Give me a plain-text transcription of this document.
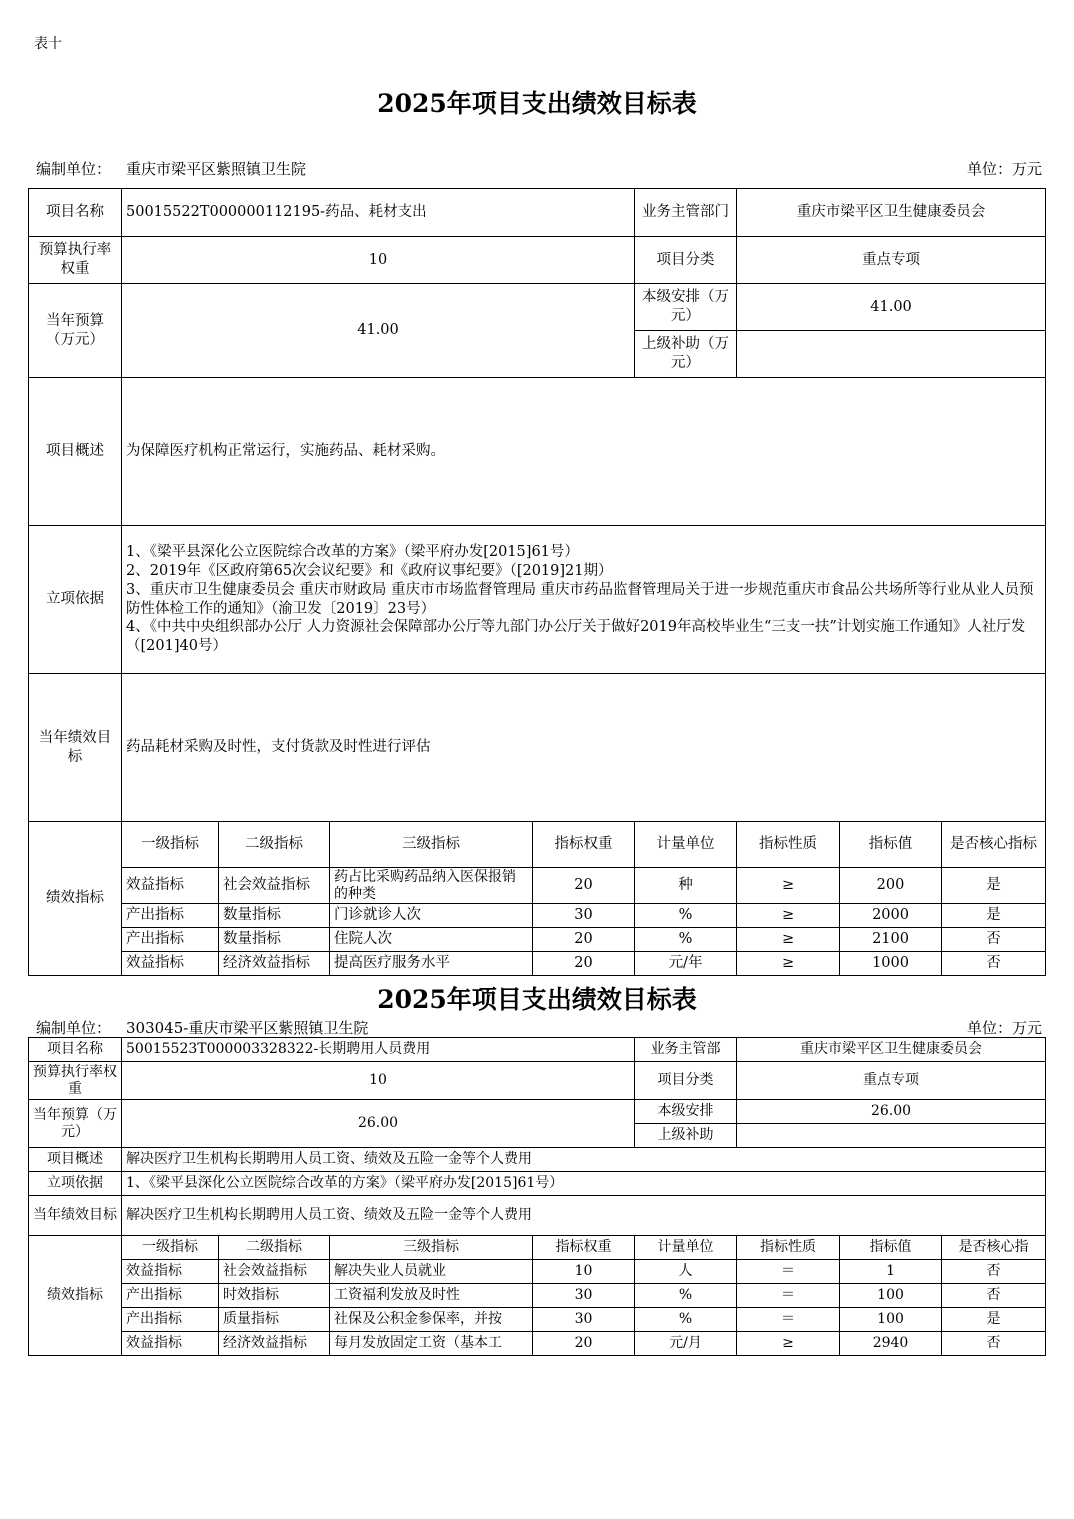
表十
2025年项目支出绩效目标表
编制单位： 重庆市梁平区紫照镇卫生院	单位：万元
项目名称	50015522T000000112195-药品、耗材支出				业务主管部门	重庆市梁平区卫生健康委员会		
预算执行率权重	10				项目分类	重点专项		
当年预算（万元）	41.00				本级安排（万元）	41.00		
					上级补助（万元）			
项目概述	为保障医疗机构正常运行，实施药品、耗材采购。							
立项依据	1、《梁平县深化公立医院综合改革的方案》（梁平府办发[2015]61号）
2、2019年《区政府第65次会议纪要》和《政府议事纪要》（[2019]21期）
3、重庆市卫生健康委员会 重庆市财政局 重庆市市场监督管理局 重庆市药品监督管理局关于进一步规范重庆市食品公共场所等行业从业人员预防性体检工作的通知》（渝卫发〔2019〕23号）
4、《中共中央组织部办公厅 人力资源社会保障部办公厅等九部门办公厅关于做好2019年高校毕业生“三支一扶”计划实施工作通知》人社厅发（[201]40号）							

当年绩效目标	药品耗材采购及时性，支付货款及时性进行评估							
绩效指标	一级指标	二级指标	三级指标	指标权重	计量单位	指标性质	指标值	是否核心指标
	效益指标	社会效益指标	药占比采购药品纳入医保报销的种类	20	种	≥	200	是
	产出指标	数量指标	门诊就诊人次	30	%	≥	2000	是
	产出指标	数量指标	住院人次	20	%	≥	2100	否
	效益指标	经济效益指标	提高医疗服务水平	20	元/年	≥	1000	否
2025年项目支出绩效目标表
编制单位： 303045-重庆市梁平区紫照镇卫生院	单位：万元
项目名称	50015523T000003328322-长期聘用人员费用				业务主管部	重庆市梁平区卫生健康委员会		
预算执行率权重	10				项目分类	重点专项		
当年预算（万元）	26.00				本级安排	26.00		
					上级补助			
项目概述	解决医疗卫生机构长期聘用人员工资、绩效及五险一金等个人费用							
立项依据	1、《梁平县深化公立医院综合改革的方案》（梁平府办发[2015]61号）							
当年绩效目标	解决医疗卫生机构长期聘用人员工资、绩效及五险一金等个人费用							
绩效指标	一级指标	二级指标	三级指标	指标权重	计量单位	指标性质	指标值	是否核心指
	效益指标	社会效益指标	解决失业人员就业	10	人	＝	1	否
	产出指标	时效指标	工资福利发放及时性	30	%	＝	100	否
	产出指标	质量指标	社保及公积金参保率，并按	30	%	＝	100	是
	效益指标	经济效益指标	每月发放固定工资（基本工	20	元/月	≥	2940	否
